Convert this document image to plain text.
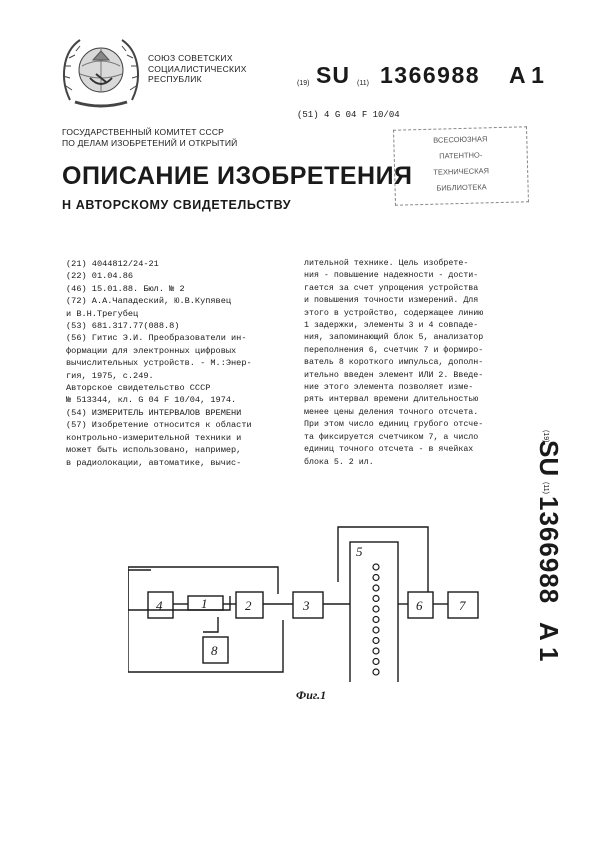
СОЮЗ СОВЕТСКИХ
СОЦИАЛИСТИЧЕСКИХ
РЕСПУБЛИК	(19) SU (11) 1366988 A 1
(51) 4 G 04 F 10/04
ГОСУДАРСТВЕННЫЙ КОМИТЕТ СССР
ПО ДЕЛАМ ИЗОБРЕТЕНИЙ И ОТКРЫТИЙ	ВСЕСОЮЗНАЯ
ПАТЕНТНО-
ТЕХНИЧЕСКАЯ
БИБЛИОТЕКА
ОПИСАНИЕ ИЗОБРЕТЕНИЯ
Н АВТОРСКОМУ СВИДЕТЕЛЬСТВУ
(21) 4044812/24-21
(22) 01.04.86
(46) 15.01.88. Бюл. № 2
(72) А.А.Чападеский, Ю.В.Купявец
и В.Н.Трегубец
(53) 681.317.77(088.8)
(56) Гитис Э.И. Преобразователи ин-
формации для электронных цифровых
вычислительных устройств. - М.:Энер-
гия, 1975, с.249.
Авторское свидетельство СССР
№ 513344, кл. G 04 F 10/04, 1974.
(54) ИЗМЕРИТЕЛЬ ИНТЕРВАЛОВ ВРЕМЕНИ
(57) Изобретение относится к области
контрольно-измерительной техники и
может быть использовано, например,
в радиолокации, автоматике, вычис-
лительной технике. Цель изобрете-
ния - повышение надежности - дости-
гается за счет упрощения устройства
и повышения точности измерений. Для
этого в устройство, содержащее линию
1 задержки, элементы 3 и 4 совпаде-
ния, запоминающий блок 5, анализатор
переполнения 6, счетчик 7 и формиро-
ватель 8 короткого импульса, дополн-
ительно введен элемент ИЛИ 2. Введе-
ние этого элемента позволяет изме-
рять интервал времени длительностью
менее цены деления точного отсчета.
При этом число единиц грубого отсче-
та фиксируется счетчиком 7, а число
единиц точного отсчета - в ячейках
блока 5. 2 ил.
(19)
SU
(11)
1366988
A 1
4	1	2	3
5
6	7
8
Фиг.1
